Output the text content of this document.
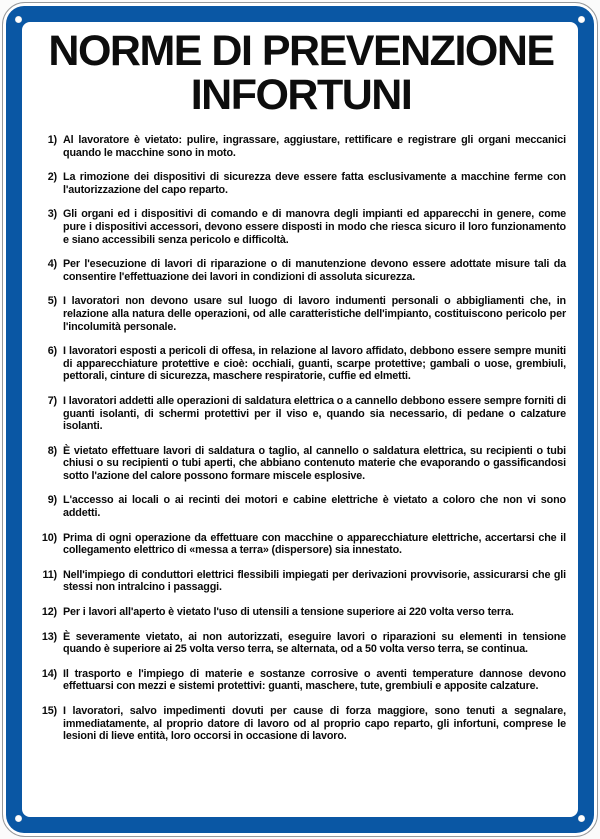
NORME DI PREVENZIONE
INFORTUNI
1) Al lavoratore è vietato: pulire, ingrassare, aggiustare, rettificare e registrare gli organi meccanici quando le macchine sono in moto.
2) La rimozione dei dispositivi di sicurezza deve essere fatta esclusivamente a macchine ferme con l'autorizzazione del capo reparto.
3) Gli organi ed i dispositivi di comando e di manovra degli impianti ed apparecchi in genere, come pure i dispositivi accessori, devono essere disposti in modo che riesca sicuro il loro funzionamento e siano accessibili senza pericolo e difficoltà.
4) Per l'esecuzione di lavori di riparazione o di manutenzione devono essere adottate misure tali da consentire l'effettuazione dei lavori in condizioni di assoluta sicurezza.
5) I lavoratori non devono usare sul luogo di lavoro indumenti personali o abbigliamenti che, in relazione alla natura delle operazioni, od alle caratteristiche dell'impianto, costituiscono pericolo per l'incolumità personale.
6) I lavoratori esposti a pericoli di offesa, in relazione al lavoro affidato, debbono essere sempre muniti di apparecchiature protettive e cioè: occhiali, guanti, scarpe protettive; gambali o uose, grembiuli, pettorali, cinture di sicurezza, maschere respiratorie, cuffie ed elmetti.
7) I lavoratori addetti alle operazioni di saldatura elettrica o a cannello debbono essere sempre forniti di guanti isolanti, di schermi protettivi per il viso e, quando sia necessario, di pedane o calzature isolanti.
8) È vietato effettuare lavori di saldatura o taglio, al cannello o saldatura elettrica, su recipienti o tubi chiusi o su recipienti o tubi aperti, che abbiano contenuto materie che evaporando o gassificandosi sotto l'azione del calore possono formare miscele esplosive.
9) L'accesso ai locali o ai recinti dei motori e cabine elettriche è vietato a coloro che non vi sono addetti.
10) Prima di ogni operazione da effettuare con macchine o apparecchiature elettriche, accertarsi che il collegamento elettrico di «messa a terra» (dispersore) sia innestato.
11) Nell'impiego di conduttori elettrici flessibili impiegati per derivazioni provvisorie, assicurarsi che gli stessi non intralcino i passaggi.
12) Per i lavori all'aperto è vietato l'uso di utensili a tensione superiore ai 220 volta verso terra.
13) È severamente vietato, ai non autorizzati, eseguire lavori o riparazioni su elementi in tensione quando è superiore ai 25 volta verso terra, se alternata, od a 50 volta verso terra, se continua.
14) Il trasporto e l'impiego di materie e sostanze corrosive o aventi temperature dannose devono effettuarsi con mezzi e sistemi protettivi: guanti, maschere, tute, grembiuli e apposite calzature.
15) I lavoratori, salvo impedimenti dovuti per cause di forza maggiore, sono tenuti a segnalare, immediatamente, al proprio datore di lavoro od al proprio capo reparto, gli infortuni, comprese le lesioni di lieve entità, loro occorsi in occasione di lavoro.
